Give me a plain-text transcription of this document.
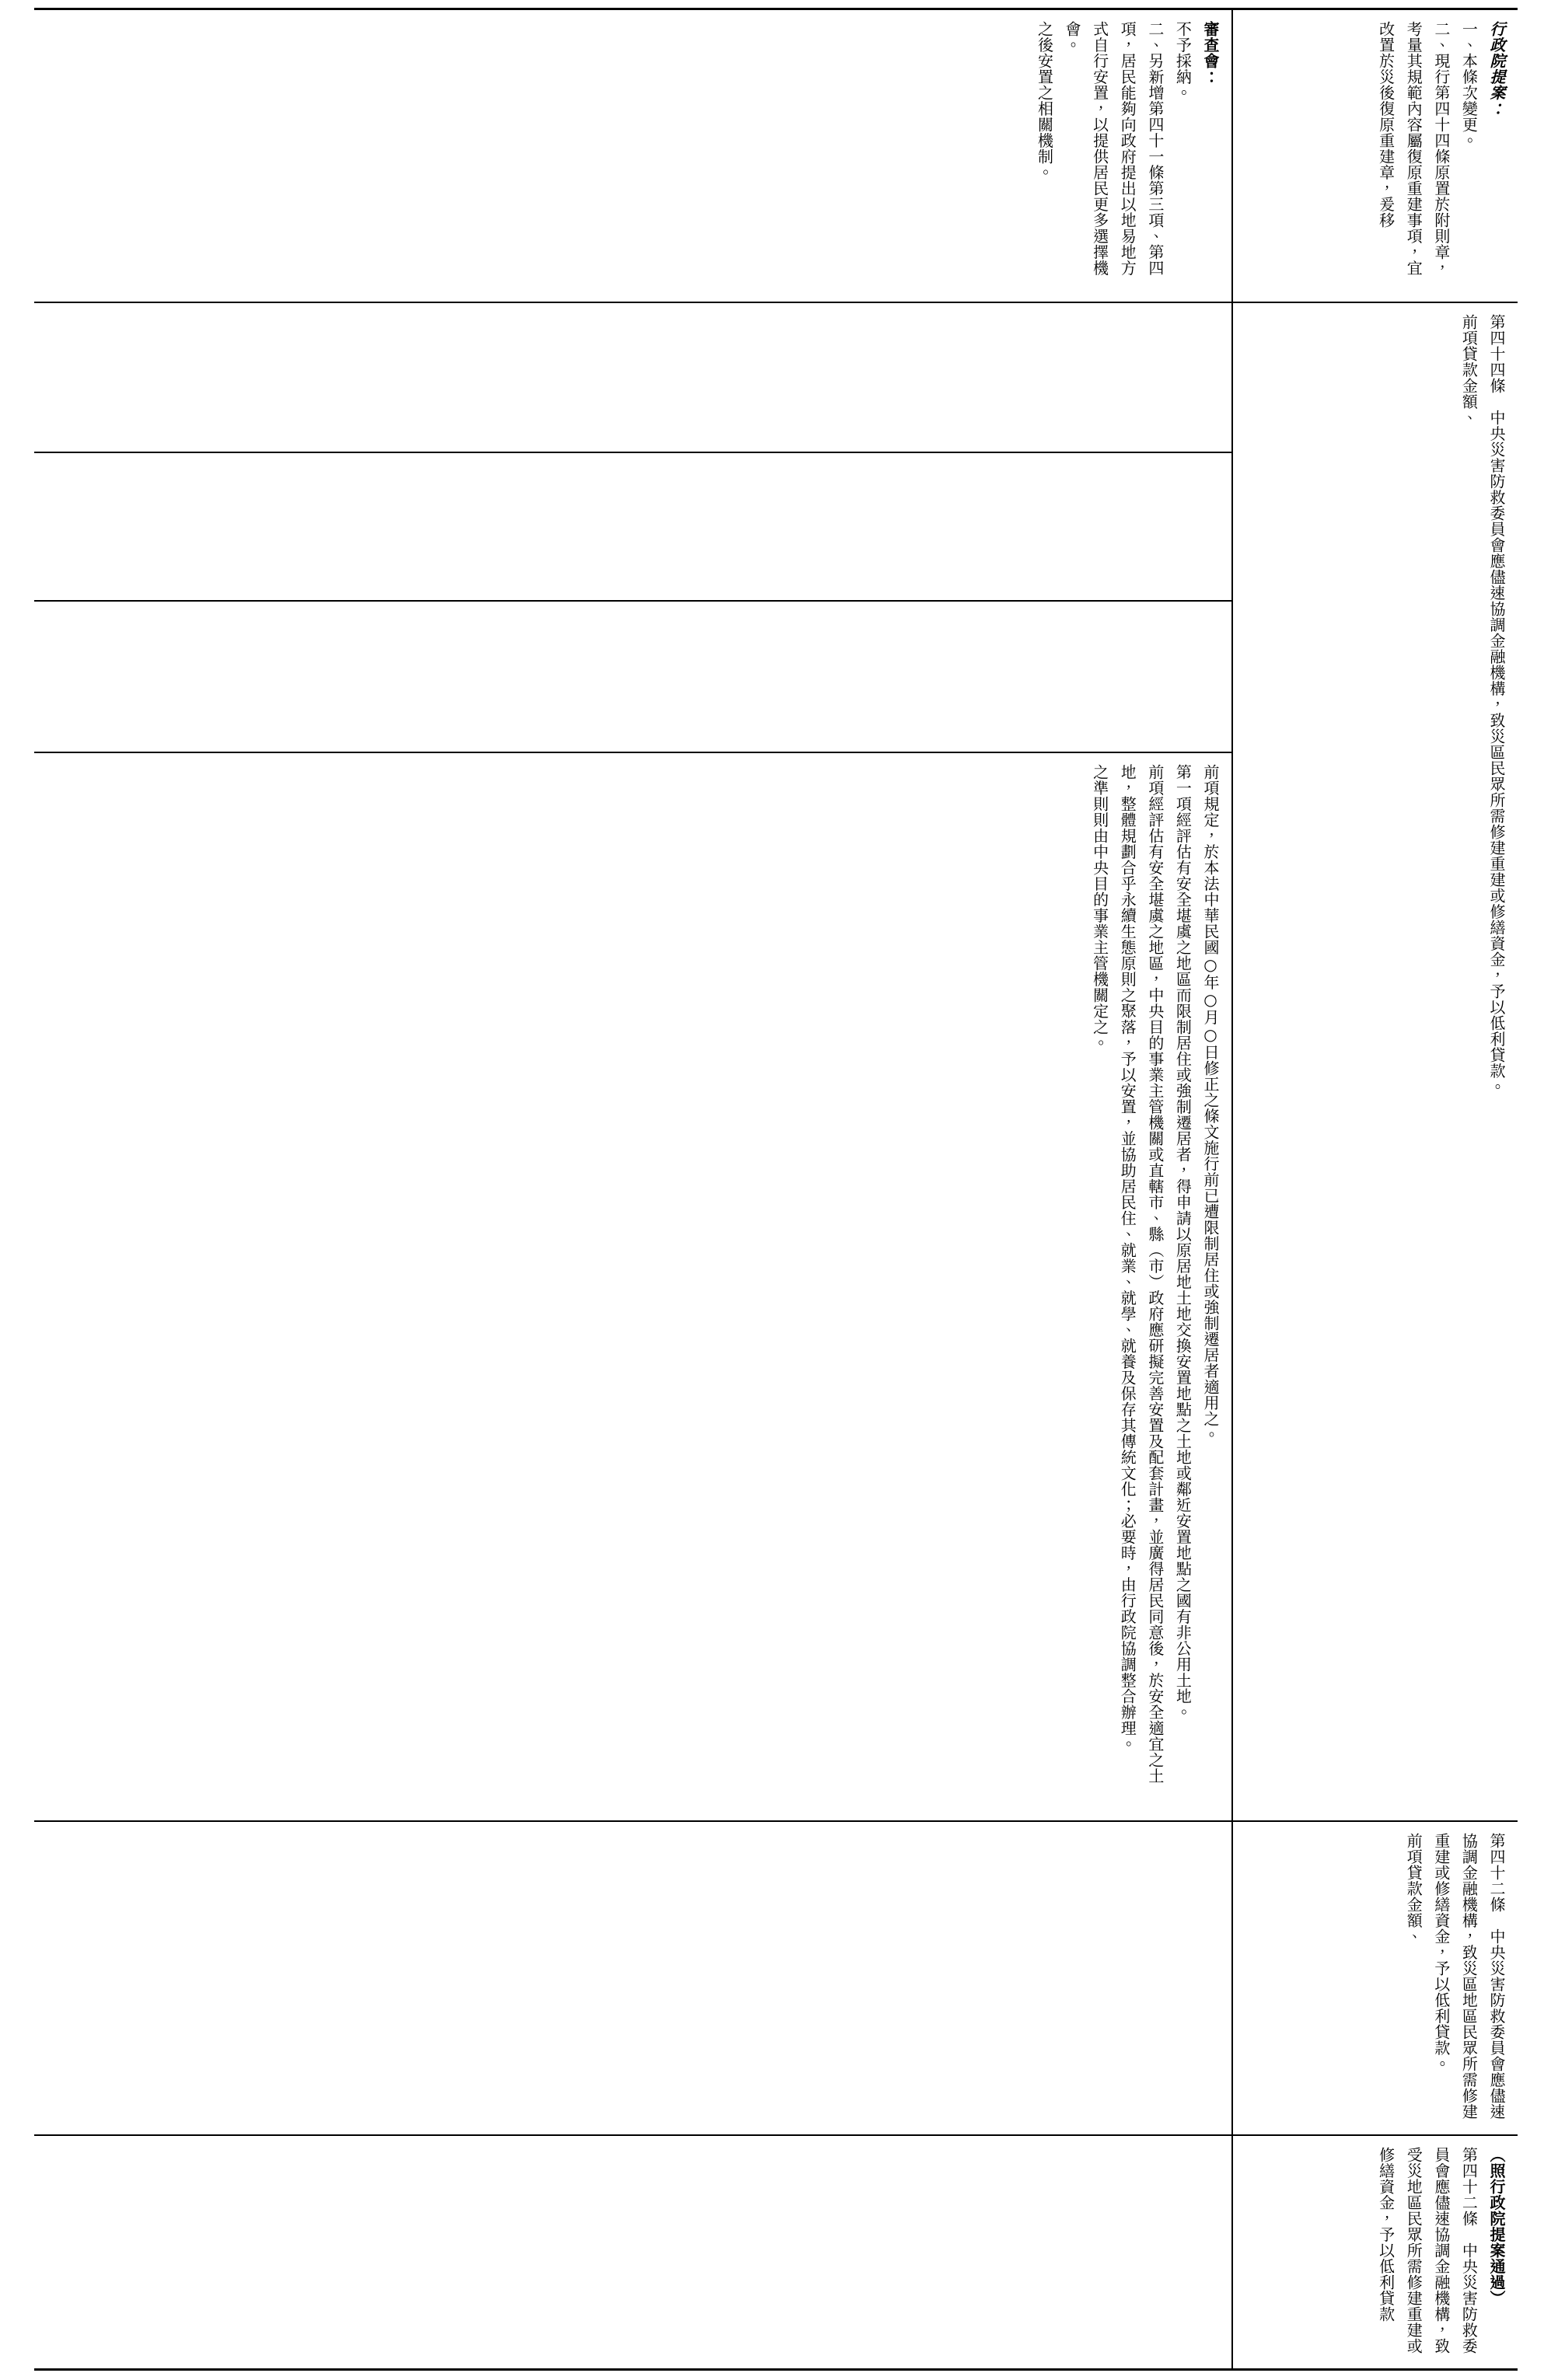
審查會：
不予採納。
二、另新增第四十一條第三項、第四項，居民能夠向政府提出以地易地方式自行安置，以提供居民更多選擇機會。
之後安置之相關機制。
前項規定，於本法中華民國○年○月○日修正之條文施行前已遭限制居住或強制遷居者適用之。
第一項經評估有安全堪虞之地區而限制居住或強制遷居者，得申請以原居地土地交換安置地點之土地或鄰近安置地點之國有非公用土地。
前項經評估有安全堪虞之地區，中央目的事業主管機關或直轄市、縣（市）政府應研擬完善安置及配套計畫，並廣得居民同意後，於安全適宜之土地，整體規劃合乎永續生態原則之聚落，予以安置，並協助居民住、就業、就學、就養及保存其傳統文化；必要時，由行政院協調整合辦理。
之準則則由中央目的事業主管機關定之。
行政院提案：
一、本條次變更。
二、現行第四十四條原置於附則章，考量其規範內容屬復原重建事項，宜改置於災後復原重建章，爰移
第四十四條　中央災害防救委員會應儘速協調金融機構，致災區民眾所需修建重建或修繕資金，予以低利貸款。
前項貸款金額、
第四十二條　中央災害防救委員會應儘速協調金融機構，致災區地區民眾所需修建重建或修繕資金，予以低利貸款。
前項貸款金額、
（照行政院提案通過）
第四十二條　中央災害防救委員會應儘速協調金融機構，致受災地區民眾所需修建重建或修繕資金，予以低利貸款
